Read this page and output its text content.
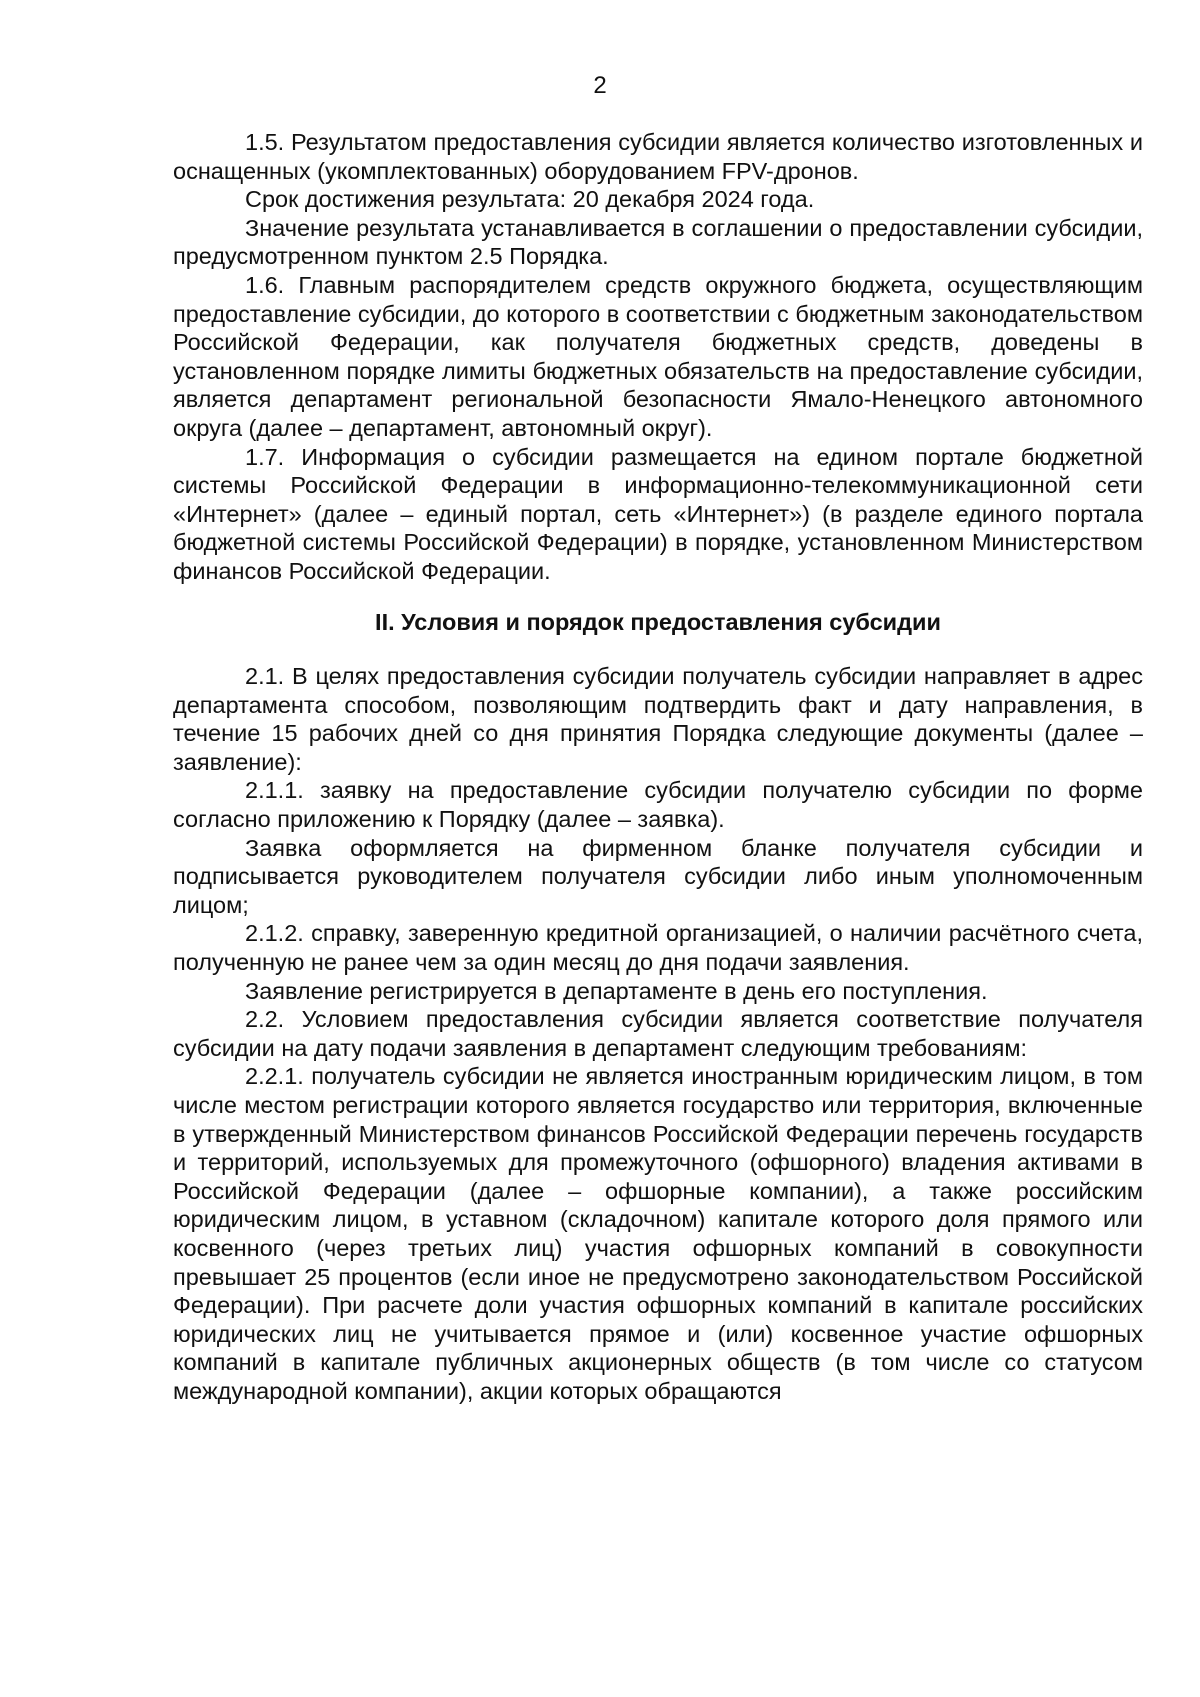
2

1.5. Результатом предоставления субсидии является количество изготовленных и оснащенных (укомплектованных) оборудованием FPV-дронов.

Срок достижения результата: 20 декабря 2024 года.

Значение результата устанавливается в соглашении о предоставлении субсидии, предусмотренном пунктом 2.5 Порядка.

1.6. Главным распорядителем средств окружного бюджета, осуществляющим предоставление субсидии, до которого в соответствии с бюджетным законодательством Российской Федерации, как получателя бюджетных средств, доведены в установленном порядке лимиты бюджетных обязательств на предоставление субсидии, является департамент региональной безопасности Ямало-Ненецкого автономного округа (далее – департамент, автономный округ).

1.7. Информация о субсидии размещается на едином портале бюджетной системы Российской Федерации в информационно-телекоммуникационной сети «Интернет» (далее – единый портал, сеть «Интернет») (в разделе единого портала бюджетной системы Российской Федерации) в порядке, установленном Министерством финансов Российской Федерации.

II. Условия и порядок предоставления субсидии

2.1. В целях предоставления субсидии получатель субсидии направляет в адрес департамента способом, позволяющим подтвердить факт и дату направления, в течение 15 рабочих дней со дня принятия Порядка следующие документы (далее – заявление):

2.1.1. заявку на предоставление субсидии получателю субсидии по форме согласно приложению к Порядку (далее – заявка).

Заявка оформляется на фирменном бланке получателя субсидии и подписывается руководителем получателя субсидии либо иным уполномоченным лицом;

2.1.2. справку, заверенную кредитной организацией, о наличии расчётного счета, полученную не ранее чем за один месяц до дня подачи заявления.

Заявление регистрируется в департаменте в день его поступления.

2.2. Условием предоставления субсидии является соответствие получателя субсидии на дату подачи заявления в департамент следующим требованиям:

2.2.1. получатель субсидии не является иностранным юридическим лицом, в том числе местом регистрации которого является государство или территория, включенные в утвержденный Министерством финансов Российской Федерации перечень государств и территорий, используемых для промежуточного (офшорного) владения активами в Российской Федерации (далее – офшорные компании), а также российским юридическим лицом, в уставном (складочном) капитале которого доля прямого или косвенного (через третьих лиц) участия офшорных компаний в совокупности превышает 25 процентов (если иное не предусмотрено законодательством Российской Федерации). При расчете доли участия офшорных компаний в капитале российских юридических лиц не учитывается прямое и (или) косвенное участие офшорных компаний в капитале публичных акционерных обществ (в том числе со статусом международной компании), акции которых обращаются
